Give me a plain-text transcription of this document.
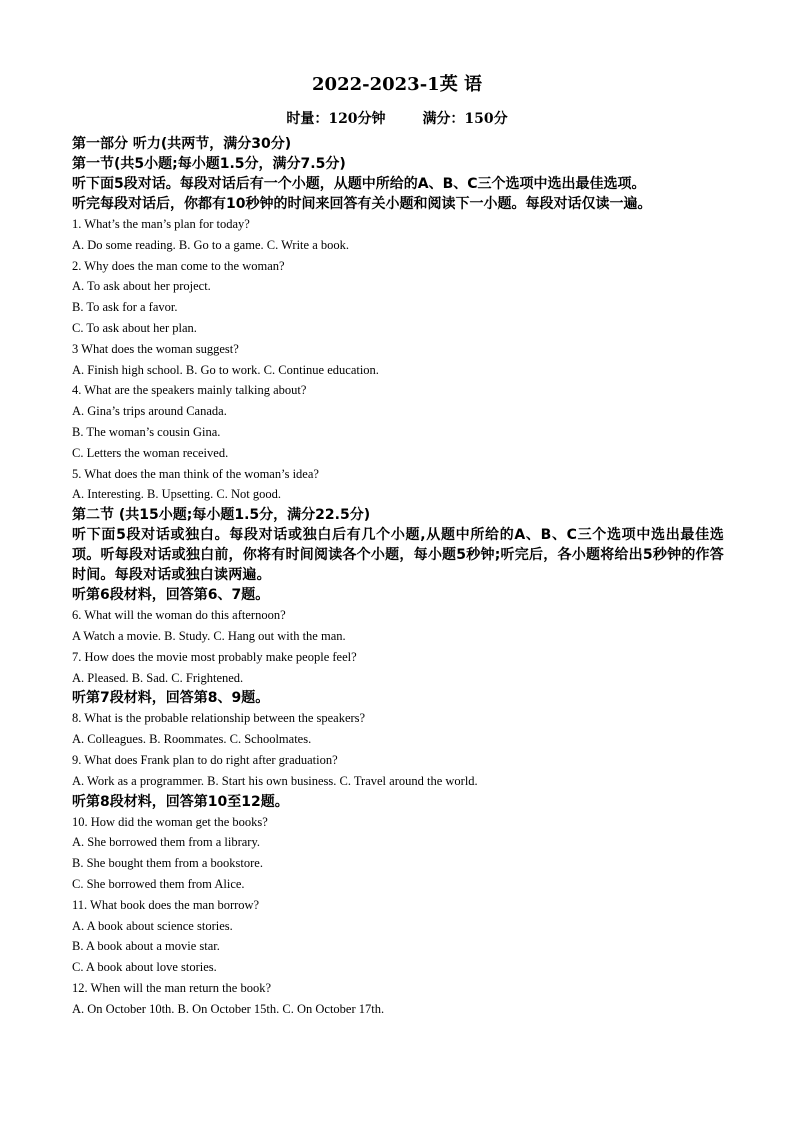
2022-2023-1英 语
时量：120分钟	满分：150分

第一部分 听力(共两节，满分30分)

第一节(共5小题;每小题1.5分，满分7.5分)

听下面5段对话。每段对话后有一个小题，从题中所给的A、B、C三个选项中选出最佳选项。

听完每段对话后，你都有10秒钟的时间来回答有关小题和阅读下一小题。每段对话仅读一遍。

1. What’s the man’s plan for today?

A. Do some reading. B. Go to a game. C. Write a book.

2. Why does the man come to the woman?

A. To ask about her project.

B. To ask for a favor.

C. To ask about her plan.

3 What does the woman suggest?

A. Finish high school. B. Go to work. C. Continue education.

4. What are the speakers mainly talking about?

A. Gina’s trips around Canada.

B. The woman’s cousin Gina.

C. Letters the woman received.

5. What does the man think of the woman’s idea?

A. Interesting. B. Upsetting. C. Not good.

第二节 (共15小题;每小题1.5分，满分22.5分)

听下面5段对话或独白。每段对话或独白后有几个小题,从题中所给的A、B、C三个选项中选出最佳选项。听每段对话或独白前，你将有时间阅读各个小题，每小题5秒钟;听完后，各小题将给出5秒钟的作答时间。每段对话或独白读两遍。

听第6段材料，回答第6、7题。

6. What will the woman do this afternoon?

A Watch a movie. B. Study. C. Hang out with the man.

7. How does the movie most probably make people feel?

A. Pleased. B. Sad. C. Frightened.

听第7段材料，回答第8、9题。

8. What is the probable relationship between the speakers?

A. Colleagues. B. Roommates. C. Schoolmates.

9. What does Frank plan to do right after graduation?

A. Work as a programmer. B. Start his own business. C. Travel around the world.

听第8段材料，回答第10至12题。

10. How did the woman get the books?

A. She borrowed them from a library.

B. She bought them from a bookstore.

C. She borrowed them from Alice.

11. What book does the man borrow?

A. A book about science stories.

B. A book about a movie star.

C. A book about love stories.

12. When will the man return the book?

A. On October 10th. B. On October 15th. C. On October 17th.
